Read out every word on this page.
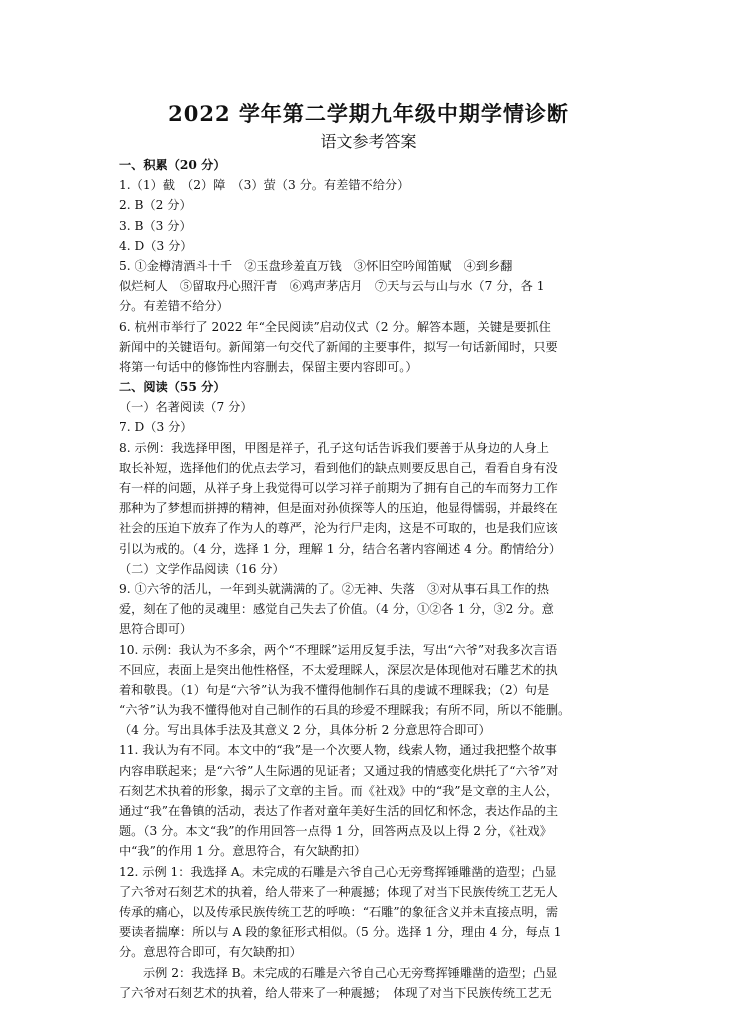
2022 学年第二学期九年级中期学情诊断
语文参考答案
一、积累（20 分）
1.（1）截　（2）障　（3）萤（3 分。有差错不给分）
2. B（2 分）
3. B（3 分）
4. D（3 分）
5. ①金樽清酒斗十千　②玉盘珍羞直万钱　③怀旧空吟闻笛赋　④到乡翻
似烂柯人　⑤留取丹心照汗青　⑥鸡声茅店月　⑦天与云与山与水（7 分，各 1
分。有差错不给分）
6. 杭州市举行了 2022 年“全民阅读”启动仪式（2 分。解答本题，关键是要抓住
新闻中的关键语句。新闻第一句交代了新闻的主要事件，拟写一句话新闻时，只要
将第一句话中的修饰性内容删去，保留主要内容即可。）
二、阅读（55 分）
（一）名著阅读（7 分）
7. D（3 分）
8. 示例：我选择甲图，甲图是祥子，孔子这句话告诉我们要善于从身边的人身上
取长补短，选择他们的优点去学习，看到他们的缺点则要反思自己，看看自身有没
有一样的问题，从祥子身上我觉得可以学习祥子前期为了拥有自己的车而努力工作
那种为了梦想而拼搏的精神，但是面对孙侦探等人的压迫，他显得懦弱，并最终在
社会的压迫下放弃了作为人的尊严，沦为行尸走肉，这是不可取的，也是我们应该
引以为戒的。（4 分，选择 1 分，理解 1 分，结合名著内容阐述 4 分。酌情给分）
（二）文学作品阅读（16 分）
9. ①六爷的活儿，一年到头就满满的了。②无神、失落　③对从事石具工作的热
爱，刻在了他的灵魂里：感觉自己失去了价值。（4 分，①②各 1 分，③2 分。意
思符合即可）
10. 示例：我认为不多余，两个“不理睬”运用反复手法，写出“六爷”对我多次言语
不回应，表面上是突出他性格怪，不太爱理睬人，深层次是体现他对石雕艺术的执
着和敬畏。（1）句是“六爷”认为我不懂得他制作石具的虔诚不理睬我；（2）句是
“六爷”认为我不懂得他对自己制作的石具的珍爱不理睬我；有所不同，所以不能删。
（4 分。写出具体手法及其意义 2 分，具体分析 2 分意思符合即可）
11. 我认为有不同。本文中的“我”是一个次要人物，线索人物，通过我把整个故事
内容串联起来；是“六爷”人生际遇的见证者；又通过我的情感变化烘托了“六爷”对
石刻艺术执着的形象，揭示了文章的主旨。而《社戏》中的“我”是文章的主人公，
通过“我”在鲁镇的活动，表达了作者对童年美好生活的回忆和怀念，表达作品的主
题。（3 分。本文“我”的作用回答一点得 1 分，回答两点及以上得 2 分，《社戏》
中“我”的作用 1 分。意思符合，有欠缺酌扣）
12. 示例 1：我选择 A。未完成的石雕是六爷自己心无旁骛挥锤雕凿的造型；凸显
了六爷对石刻艺术的执着，给人带来了一种震撼；体现了对当下民族传统工艺无人
传承的痛心，以及传承民族传统工艺的呼唤：“石雕”的象征含义并未直接点明，需
要读者揣摩：所以与 A 段的象征形式相似。（5 分。选择 1 分，理由 4 分，每点 1
分。意思符合即可，有欠缺酌扣）
示例 2：我选择 B。未完成的石雕是六爷自己心无旁骛挥锤雕凿的造型；凸显
了六爷对石刻艺术的执着，给人带来了一种震撼；　体现了对当下民族传统工艺无
